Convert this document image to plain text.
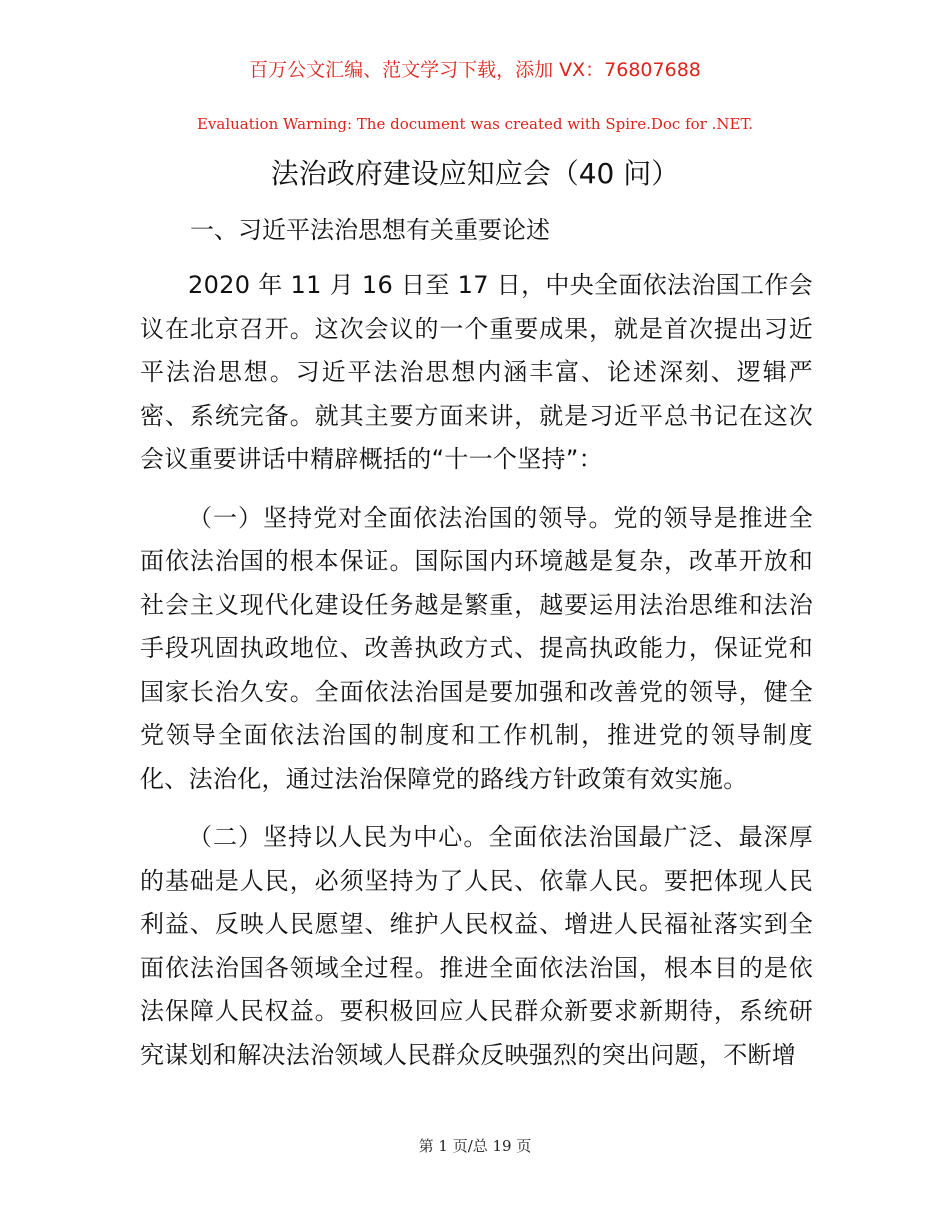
百万公文汇编、范文学习下载，添加 VX：76807688
Evaluation Warning: The document was created with Spire.Doc for .NET.
法治政府建设应知应会（40 问）
一、习近平法治思想有关重要论述

2020 年 11 月 16 日至 17 日，中央全面依法治国工作会议在北京召开。这次会议的一个重要成果，就是首次提出习近平法治思想。习近平法治思想内涵丰富、论述深刻、逻辑严密、系统完备。就其主要方面来讲，就是习近平总书记在这次会议重要讲话中精辟概括的“十一个坚持”：

（一）坚持党对全面依法治国的领导。党的领导是推进全面依法治国的根本保证。国际国内环境越是复杂，改革开放和社会主义现代化建设任务越是繁重，越要运用法治思维和法治手段巩固执政地位、改善执政方式、提高执政能力，保证党和国家长治久安。全面依法治国是要加强和改善党的领导，健全党领导全面依法治国的制度和工作机制，推进党的领导制度化、法治化，通过法治保障党的路线方针政策有效实施。

（二）坚持以人民为中心。全面依法治国最广泛、最深厚的基础是人民，必须坚持为了人民、依靠人民。要把体现人民利益、反映人民愿望、维护人民权益、增进人民福祉落实到全面依法治国各领域全过程。推进全面依法治国，根本目的是依法保障人民权益。要积极回应人民群众新要求新期待，系统研究谋划和解决法治领域人民群众反映强烈的突出问题，不断增

第 1 页/总 19 页
